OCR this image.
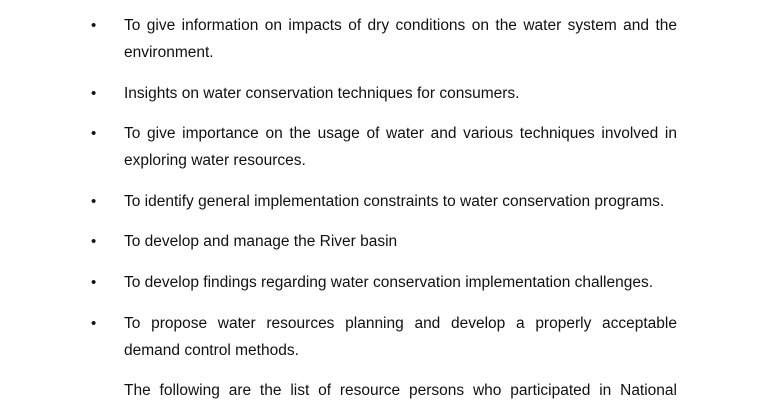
• To give information on impacts of dry conditions on the water system and the environment.
• Insights on water conservation techniques for consumers.
• To give importance on the usage of water and various techniques involved in exploring water resources.
• To identify general implementation constraints to water conservation programs.
• To develop and manage the River basin
• To develop findings regarding water conservation implementation challenges.
• To propose water resources planning and develop a properly acceptable demand control methods.
The following are the list of resource persons who participated in National
